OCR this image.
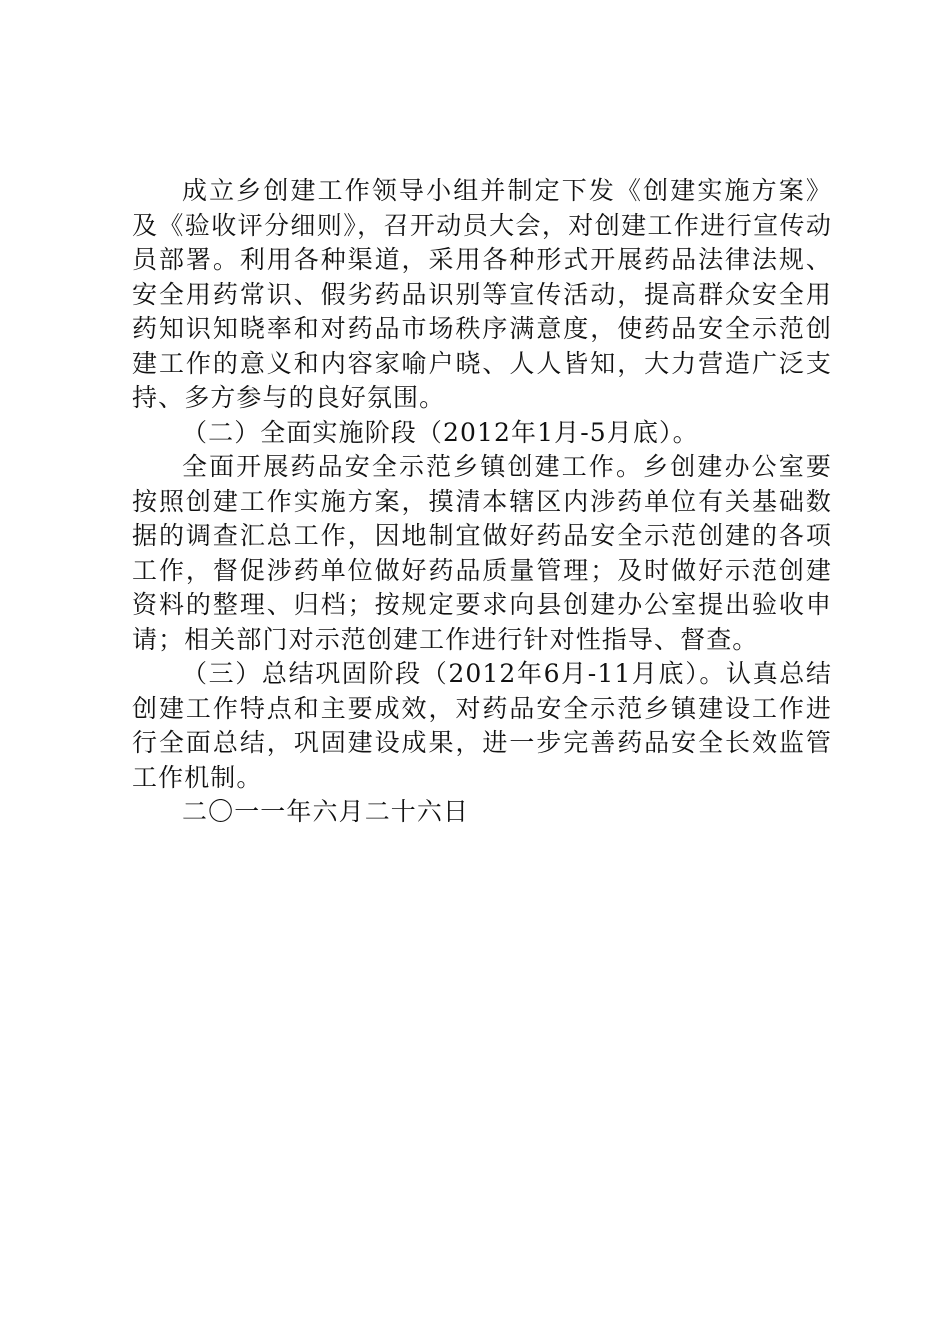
成立乡创建工作领导小组并制定下发《创建实施方案》及《验收评分细则》，召开动员大会，对创建工作进行宣传动员部署。利用各种渠道，采用各种形式开展药品法律法规、安全用药常识、假劣药品识别等宣传活动，提高群众安全用药知识知晓率和对药品市场秩序满意度，使药品安全示范创建工作的意义和内容家喻户晓、人人皆知，大力营造广泛支持、多方参与的良好氛围。

（二）全面实施阶段（2012年1月-5月底）。

全面开展药品安全示范乡镇创建工作。乡创建办公室要按照创建工作实施方案，摸清本辖区内涉药单位有关基础数据的调查汇总工作，因地制宜做好药品安全示范创建的各项工作，督促涉药单位做好药品质量管理；及时做好示范创建资料的整理、归档；按规定要求向县创建办公室提出验收申请；相关部门对示范创建工作进行针对性指导、督查。

（三）总结巩固阶段（2012年6月-11月底）。认真总结创建工作特点和主要成效，对药品安全示范乡镇建设工作进行全面总结，巩固建设成果，进一步完善药品安全长效监管工作机制。

二〇一一年六月二十六日
